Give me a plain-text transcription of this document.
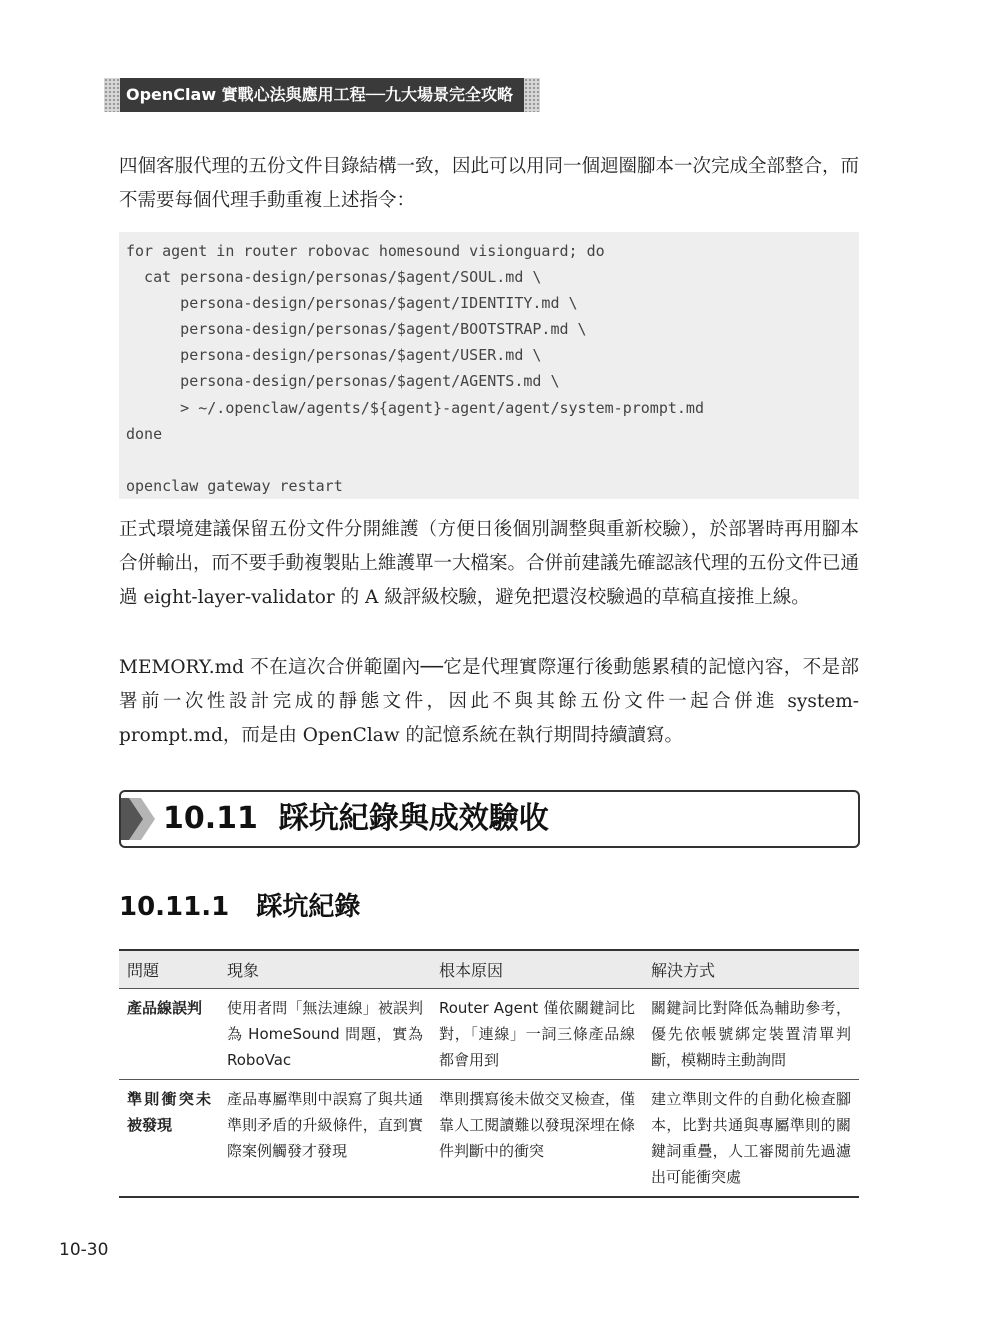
OpenClaw 實戰心法與應用工程──九大場景完全攻略

四個客服代理的五份文件目錄結構一致，因此可以用同一個迴圈腳本一次完成全部整合，而不需要每個代理手動重複上述指令：

for agent in router robovac homesound visionguard; do
cat persona-design/personas/$agent/SOUL.md \
persona-design/personas/$agent/IDENTITY.md \
persona-design/personas/$agent/BOOTSTRAP.md \
persona-design/personas/$agent/USER.md \
persona-design/personas/$agent/AGENTS.md \
> ~/.openclaw/agents/${agent}-agent/agent/system-prompt.md
done

openclaw gateway restart

正式環境建議保留五份文件分開維護（方便日後個別調整與重新校驗），於部署時再用腳本合併輸出，而不要手動複製貼上維護單一大檔案。合併前建議先確認該代理的五份文件已通過 eight-layer-validator 的 A 級評級校驗，避免把還沒校驗過的草稿直接推上線。

MEMORY.md 不在這次合併範圍內──它是代理實際運行後動態累積的記憶內容，不是部署前一次性設計完成的靜態文件，因此不與其餘五份文件一起合併進 system-prompt.md，而是由 OpenClaw 的記憶系統在執行期間持續讀寫。

10.11 踩坑紀錄與成效驗收
10.11.1 踩坑紀錄
問題	現象	根本原因	解決方式
產品線誤判	使用者問「無法連線」被誤判為 HomeSound 問題，實為 RoboVac	Router Agent 僅依關鍵詞比對，「連線」一詞三條產品線都會用到	關鍵詞比對降低為輔助參考，優先依帳號綁定裝置清單判斷，模糊時主動詢問
準則衝突未被發現	產品專屬準則中誤寫了與共通準則矛盾的升級條件，直到實際案例觸發才發現	準則撰寫後未做交叉檢查，僅靠人工閱讀難以發現深埋在條件判斷中的衝突	建立準則文件的自動化檢查腳本，比對共通與專屬準則的關鍵詞重疊，人工審閱前先過濾出可能衝突處
10-30
